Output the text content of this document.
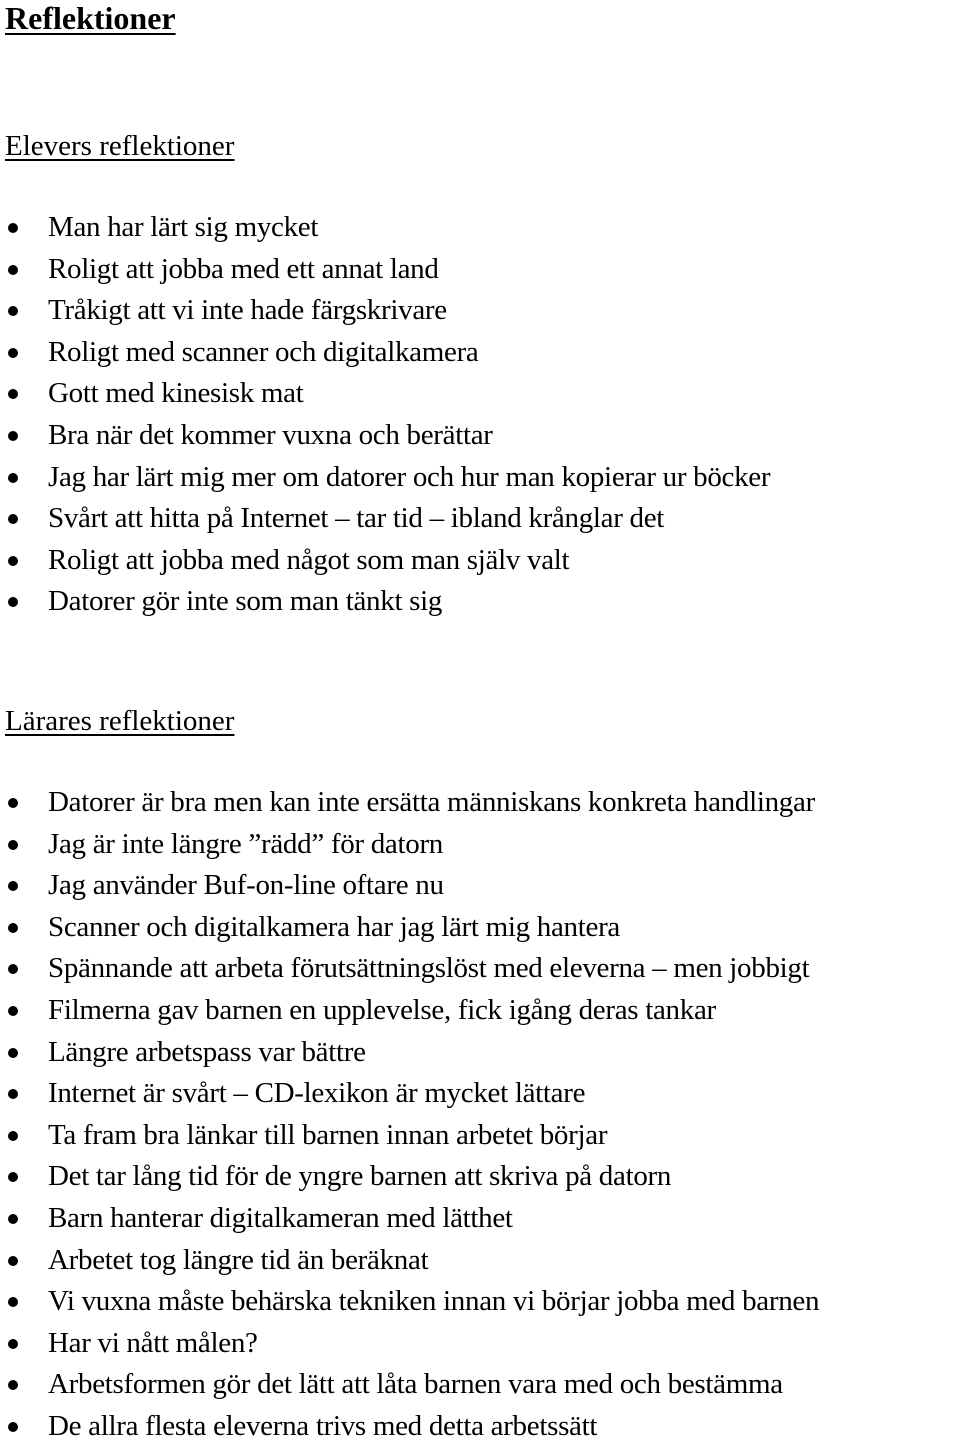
Reflektioner
Elevers reflektioner
Man har lärt sig mycket
Roligt att jobba med ett annat land
Tråkigt att vi inte hade färgskrivare
Roligt med scanner och digitalkamera
Gott med kinesisk mat
Bra när det kommer vuxna och berättar
Jag har lärt mig mer om datorer och hur man kopierar ur böcker
Svårt att hitta på Internet – tar tid – ibland krånglar det
Roligt att jobba med något som man själv valt
Datorer gör inte som man tänkt sig
Lärares reflektioner
Datorer är bra men kan inte ersätta människans konkreta handlingar
Jag är inte längre ”rädd” för datorn
Jag använder Buf-on-line oftare nu
Scanner och digitalkamera har jag lärt mig hantera
Spännande att arbeta förutsättningslöst med eleverna – men jobbigt
Filmerna gav barnen en upplevelse, fick igång deras tankar
Längre arbetspass var bättre
Internet är svårt – CD-lexikon är mycket lättare
Ta fram bra länkar till barnen innan arbetet börjar
Det tar lång tid för de yngre barnen att skriva på datorn
Barn hanterar digitalkameran med lätthet
Arbetet tog längre tid än beräknat
Vi vuxna måste behärska tekniken innan vi börjar jobba med barnen
Har vi nått målen?
Arbetsformen gör det lätt att låta barnen vara med och bestämma
De allra flesta eleverna trivs med detta arbetssätt
